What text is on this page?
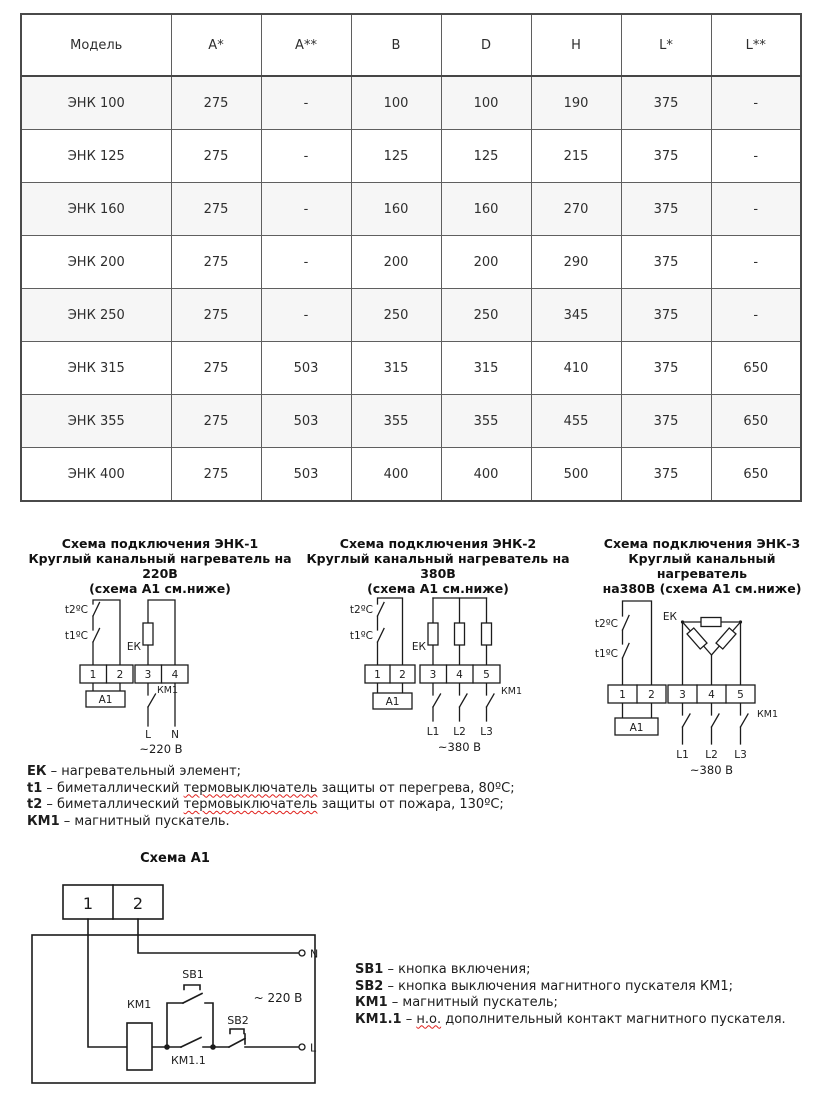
Модель	A*	A**	B	D	H	L*	L**
ЭНК 100	275	-	100	100	190	375	-
ЭНК 125	275	-	125	125	215	375	-
ЭНК 160	275	-	160	160	270	375	-
ЭНК 200	275	-	200	200	290	375	-
ЭНК 250	275	-	250	250	345	375	-
ЭНК 315	275	503	315	315	410	375	650
ЭНК 355	275	503	355	355	455	375	650
ЭНК 400	275	503	400	400	500	375	650
Схема подключения ЭНК-1
Круглый канальный нагреватель на 220В
(схема А1 см.ниже)
Схема подключения ЭНК-2
Круглый канальный нагреватель на 380В
(схема А1 см.ниже)
Схема подключения ЭНК-3
Круглый канальный нагреватель
на380В (схема А1 см.ниже)
t2ºC
t1ºC
ЕК
1 2 3 4
А1
КМ1
L N
~220 В
t2ºC
t1ºC
ЕК
1 2 3 4 5
А1
КМ1
L1 L2 L3
~380 В
t2ºC
t1ºC
ЕК
1 2 3 4 5
А1
КМ1
L1 L2 L3
~380 В
ЕК – нагревательный элемент;
t1 – биметаллический термовыключатель защиты от перегрева, 80ºС;
t2 – биметаллический термовыключатель защиты от пожара, 130ºС;
КМ1 – магнитный пускатель.
Схема А1
1 2
N
L
КМ1
SB1
SB2
КМ1.1
~ 220 В
SB1 – кнопка включения;
SB2 – кнопка выключения магнитного пускателя КМ1;
КМ1 – магнитный пускатель;
КМ1.1 – н.о. дополнительный контакт магнитного пускателя.
